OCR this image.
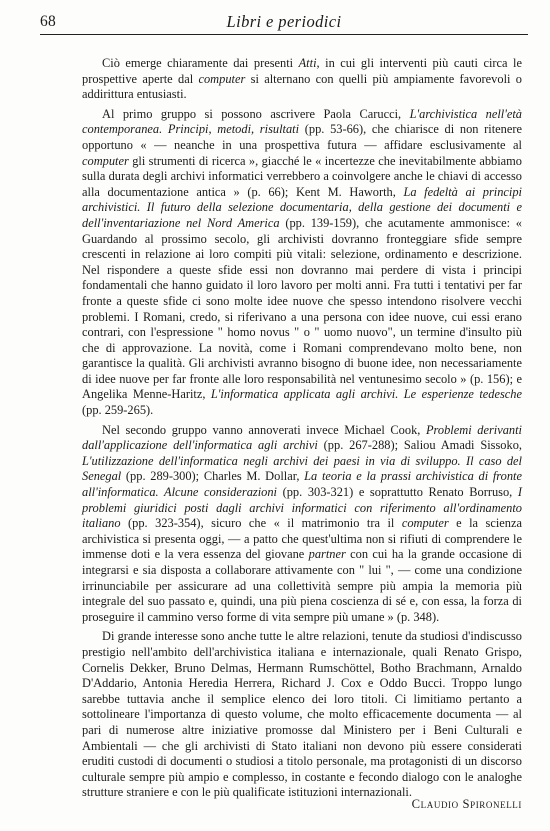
68	Libri e periodici

Ciò emerge chiaramente dai presenti Atti, in cui gli interventi più cauti circa le prospettive aperte dal computer si alternano con quelli più ampiamente favorevoli o addirittura entusiasti.

Al primo gruppo si possono ascrivere Paola Carucci, L'archivistica nell'età contemporanea. Principi, metodi, risultati (pp. 53-66), che chiarisce di non ritenere opportuno « — neanche in una prospettiva futura — affidare esclusivamente al computer gli strumenti di ricerca », giacché le « incertezze che inevitabilmente abbiamo sulla durata degli archivi informatici verrebbero a coinvolgere anche le chiavi di accesso alla documentazione antica » (p. 66); Kent M. Haworth, La fedeltà ai principi archivistici. Il futuro della selezione documentaria, della gestione dei documenti e dell'inventariazione nel Nord America (pp. 139-159), che acutamente ammonisce: « Guardando al prossimo secolo, gli archivisti dovranno fronteggiare sfide sempre crescenti in relazione ai loro compiti più vitali: selezione, ordinamento e descrizione. Nel rispondere a queste sfide essi non dovranno mai perdere di vista i principi fondamentali che hanno guidato il loro lavoro per molti anni. Fra tutti i tentativi per far fronte a queste sfide ci sono molte idee nuove che spesso intendono risolvere vecchi problemi. I Romani, credo, si riferivano a una persona con idee nuove, cui essi erano contrari, con l'espressione " homo novus " o " uomo nuovo", un termine d'insulto più che di approvazione. La novità, come i Romani comprendevano molto bene, non garantisce la qualità. Gli archivisti avranno bisogno di buone idee, non necessariamente di idee nuove per far fronte alle loro responsabilità nel ventunesimo secolo » (p. 156); e Angelika Menne-Haritz, L'informatica applicata agli archivi. Le esperienze tedesche (pp. 259-265).

Nel secondo gruppo vanno annoverati invece Michael Cook, Problemi derivanti dall'applicazione dell'informatica agli archivi (pp. 267-288); Saliou Amadi Sissoko, L'utilizzazione dell'informatica negli archivi dei paesi in via di sviluppo. Il caso del Senegal (pp. 289-300); Charles M. Dollar, La teoria e la prassi archivistica di fronte all'informatica. Alcune considerazioni (pp. 303-321) e soprattutto Renato Borruso, I problemi giuridici posti dagli archivi informatici con riferimento all'ordinamento italiano (pp. 323-354), sicuro che « il matrimonio tra il computer e la scienza archivistica si presenta oggi, — a patto che quest'ultima non si rifiuti di comprendere le immense doti e la vera essenza del giovane partner con cui ha la grande occasione di integrarsi e sia disposta a collaborare attivamente con " lui ", — come una condizione irrinunciabile per assicurare ad una collettività sempre più ampia la memoria più integrale del suo passato e, quindi, una più piena coscienza di sé e, con essa, la forza di proseguire il cammino verso forme di vita sempre più umane » (p. 348).

Di grande interesse sono anche tutte le altre relazioni, tenute da studiosi d'indiscusso prestigio nell'ambito dell'archivistica italiana e internazionale, quali Renato Grispo, Cornelis Dekker, Bruno Delmas, Hermann Rumschöttel, Botho Brachmann, Arnaldo D'Addario, Antonia Heredia Herrera, Richard J. Cox e Oddo Bucci. Troppo lungo sarebbe tuttavia anche il semplice elenco dei loro titoli. Ci limitiamo pertanto a sottolineare l'importanza di questo volume, che molto efficacemente documenta — al pari di numerose altre iniziative promosse dal Ministero per i Beni Culturali e Ambientali — che gli archivisti di Stato italiani non devono più essere considerati eruditi custodi di documenti o studiosi a titolo personale, ma protagonisti di un discorso culturale sempre più ampio e complesso, in costante e fecondo dialogo con le analoghe strutture straniere e con le più qualificate istituzioni internazionali.

Claudio Spironelli
